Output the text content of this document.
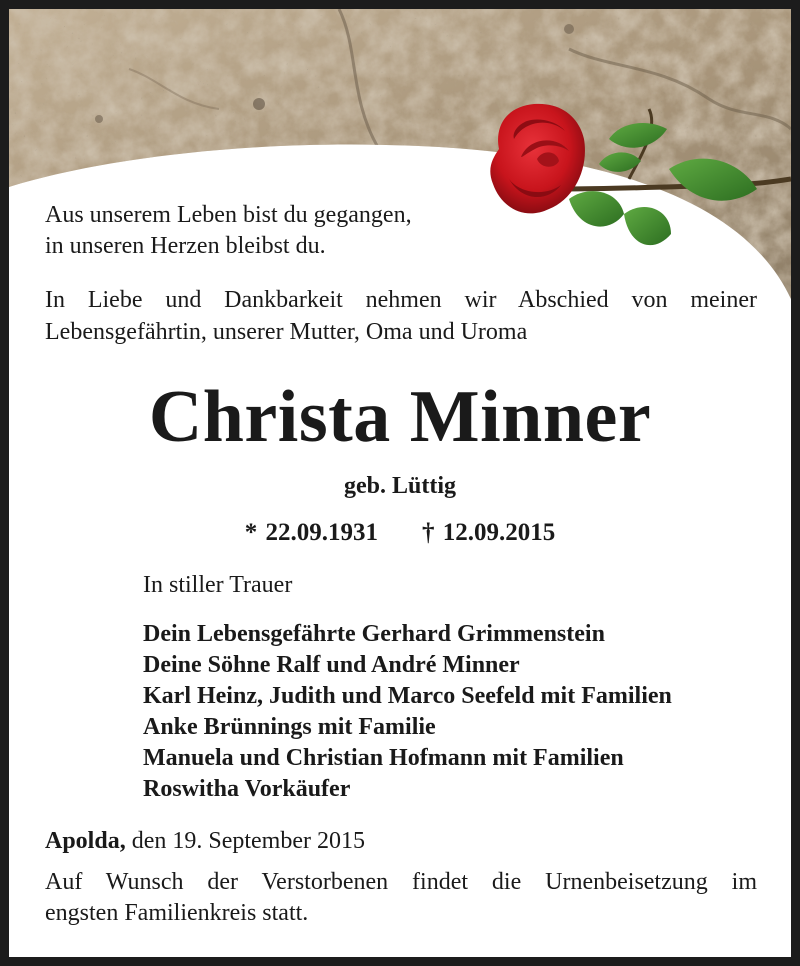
Aus unserem Leben bist du gegangen,
in unseren Herzen bleibst du.

In Liebe und Dankbarkeit nehmen wir Abschied von meiner
Lebensgefährtin, unserer Mutter, Oma und Uroma

Christa Minner

geb. Lüttig

* 22.09.1931 † 12.09.2015

In stiller Trauer

Dein Lebensgefährte Gerhard Grimmenstein
Deine Söhne Ralf und André Minner
Karl Heinz, Judith und Marco Seefeld mit Familien
Anke Brünnings mit Familie
Manuela und Christian Hofmann mit Familien
Roswitha Vorkäufer

Apolda, den 19. September 2015

Auf Wunsch der Verstorbenen findet die Urnenbeisetzung im
engsten Familienkreis statt.
